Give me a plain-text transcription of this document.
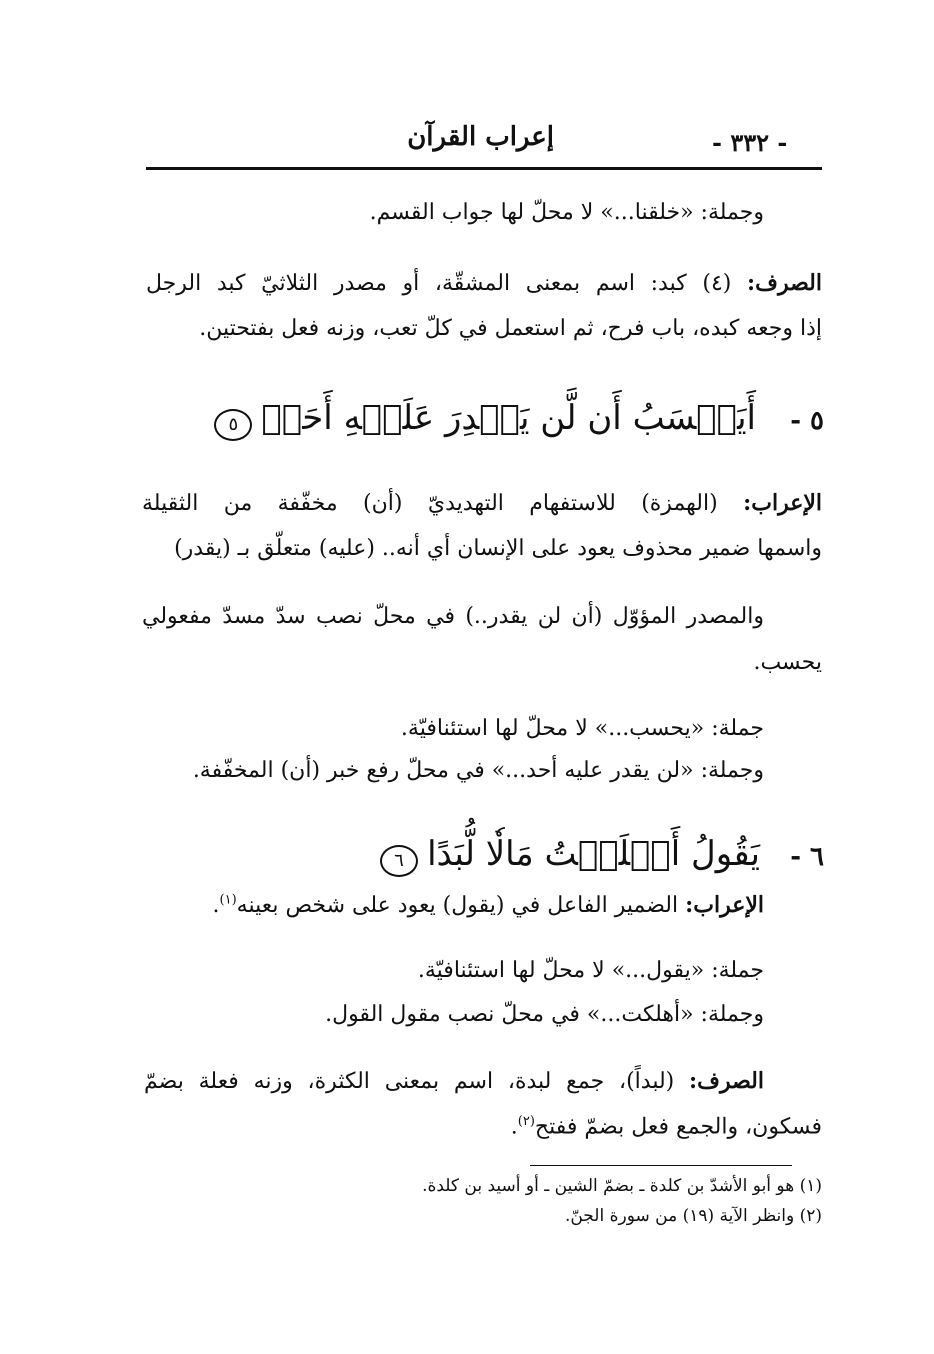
إعراب القرآن	- ٣٣٢ -
وجملة: «خلقنا...» لا محلّ لها جواب القسم.
الصرف: (٤) كبد: اسم بمعنى المشقّة، أو مصدر الثلاثيّ كبد الرجل
إذا وجعه كبده، باب فرح، ثم استعمل في كلّ تعب، وزنه فعل بفتحتين.
٥ -  أَيَحۡسَبُ أَن لَّن يَقۡدِرَ عَلَيۡهِ أَحَدٞ ٥
الإعراب: (الهمزة) للاستفهام التهديديّ (أن) مخفّفة من الثقيلة
واسمها ضمير محذوف يعود على الإنسان أي أنه.. (عليه) متعلّق بـ (يقدر)
والمصدر المؤوّل (أن لن يقدر..) في محلّ نصب سدّ مسدّ مفعولي
يحسب.
جملة: «يحسب...» لا محلّ لها استئنافيّة.
وجملة: «لن يقدر عليه أحد...» في محلّ رفع خبر (أن) المخفّفة.
٦ -  يَقُولُ أَهۡلَكۡتُ مَالٗا لُّبَدًا ٦
الإعراب: الضمير الفاعل في (يقول) يعود على شخص بعينه$^{(١)}$.
جملة: «يقول...» لا محلّ لها استئنافيّة.
وجملة: «أهلكت...» في محلّ نصب مقول القول.
الصرف: (لبداً)، جمع لبدة، اسم بمعنى الكثرة، وزنه فعلة بضمّ
فسكون، والجمع فعل بضمّ ففتح$^{(٢)}$.
(١) هو أبو الأشدّ بن كلدة ـ بضمّ الشين ـ أو أسيد بن كلدة.
(٢) وانظر الآية (١٩) من سورة الجنّ.
